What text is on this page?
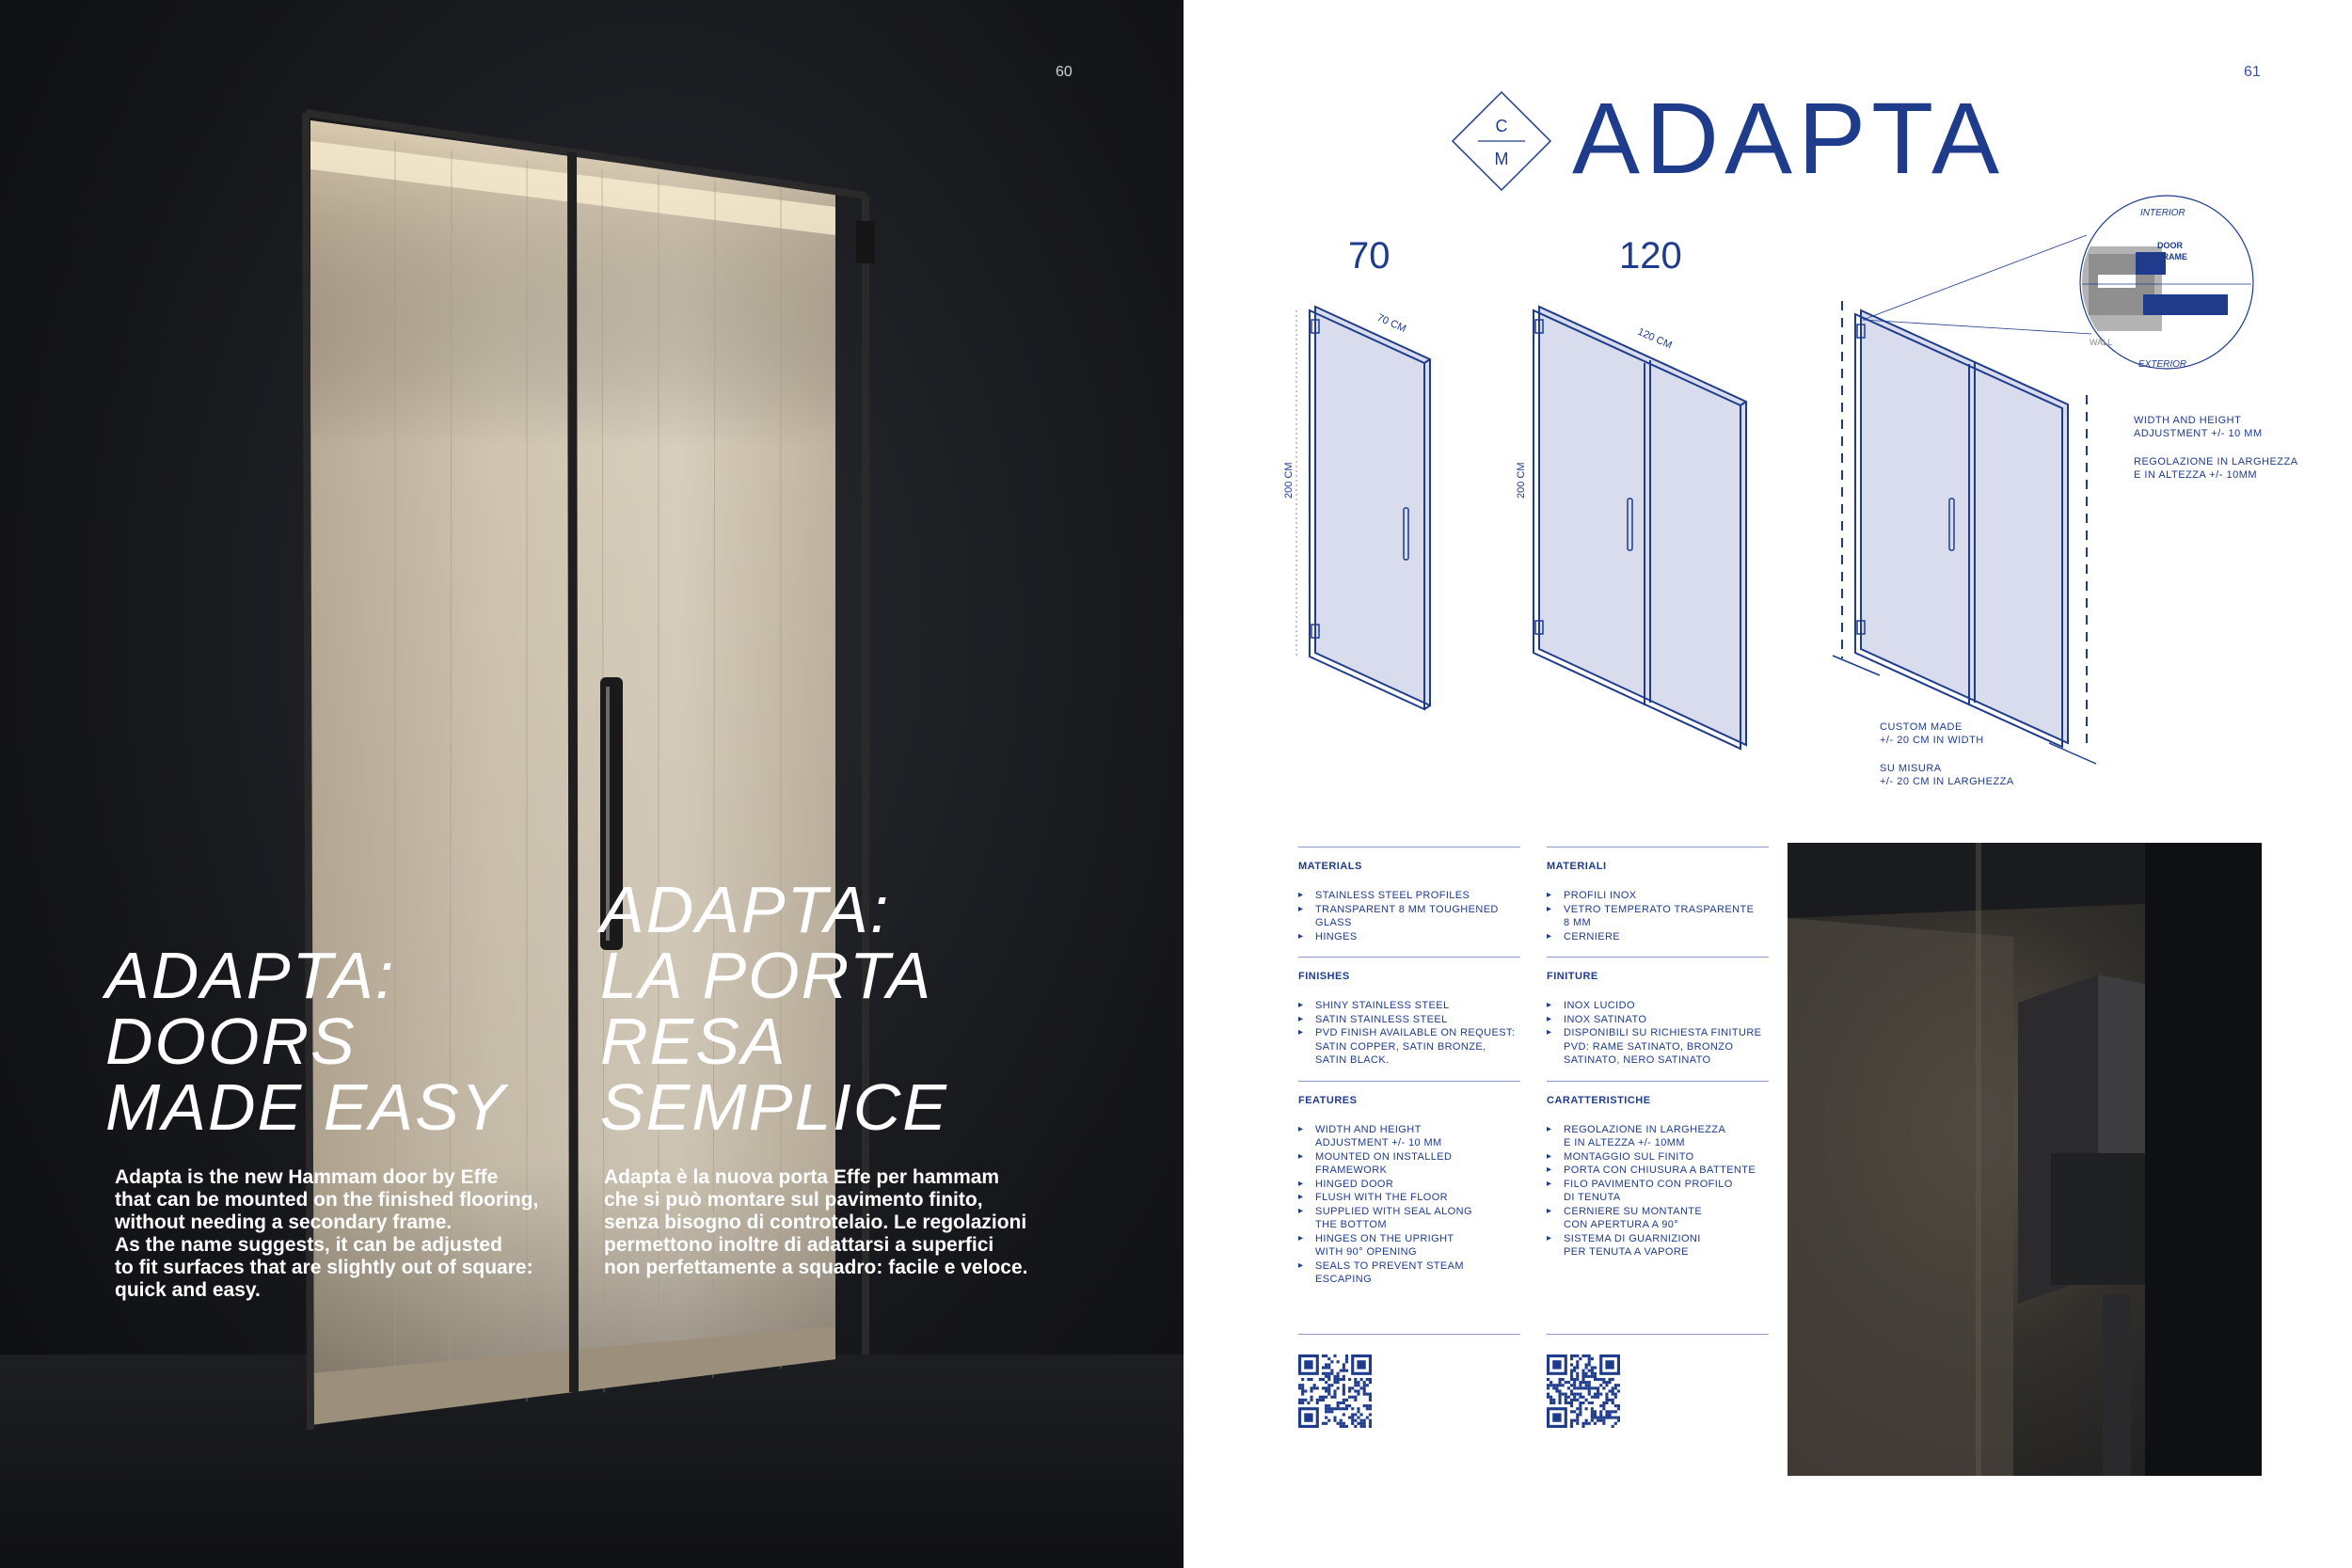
60
ADAPTA:
DOORS
MADE EASY
ADAPTA:
LA PORTA
RESA
SEMPLICE
Adapta is the new Hammam door by Effe
that can be mounted on the finished flooring,
without needing a secondary frame.
As the name suggests, it can be adjusted
to fit surfaces that are slightly out of square:
quick and easy.
Adapta è la nuova porta Effe per hammam
che si può montare sul pavimento finito,
senza bisogno di controtelaio. Le regolazioni
permettono inoltre di adattarsi a superfici
non perfettamente a squadro: facile e veloce.
61
C
M ADAPTA
70	120
70 CM
200 CM
120 CM
200 CM
INTERIOR
DOOR
FRAME
WALL
EXTERIOR
WIDTH AND HEIGHT
ADJUSTMENT +/- 10 MM
REGOLAZIONE IN LARGHEZZA
E IN ALTEZZA +/- 10MM
CUSTOM MADE
+/- 20 CM IN WIDTH
SU MISURA
+/- 20 CM IN LARGHEZZA
MATERIALS
▸ STAINLESS STEEL PROFILES
▸ TRANSPARENT 8 MM TOUGHENED
GLASS
▸ HINGES
FINISHES
▸ SHINY STAINLESS STEEL
▸ SATIN STAINLESS STEEL
▸ PVD FINISH AVAILABLE ON REQUEST:
SATIN COPPER, SATIN BRONZE,
SATIN BLACK.
FEATURES
▸ WIDTH AND HEIGHT
ADJUSTMENT +/- 10 MM
▸ MOUNTED ON INSTALLED
FRAMEWORK
▸ HINGED DOOR
▸ FLUSH WITH THE FLOOR
▸ SUPPLIED WITH SEAL ALONG
THE BOTTOM
▸ HINGES ON THE UPRIGHT
WITH 90° OPENING
▸ SEALS TO PREVENT STEAM
ESCAPING
MATERIALI
▸ PROFILI INOX
▸ VETRO TEMPERATO TRASPARENTE
8 MM
▸ CERNIERE
FINITURE
▸ INOX LUCIDO
▸ INOX SATINATO
▸ DISPONIBILI SU RICHIESTA FINITURE
PVD: RAME SATINATO, BRONZO
SATINATO, NERO SATINATO
CARATTERISTICHE
▸ REGOLAZIONE IN LARGHEZZA
E IN ALTEZZA +/- 10MM
▸ MONTAGGIO SUL FINITO
▸ PORTA CON CHIUSURA A BATTENTE
▸ FILO PAVIMENTO CON PROFILO
DI TENUTA
▸ CERNIERE SU MONTANTE
CON APERTURA A 90°
▸ SISTEMA DI GUARNIZIONI
PER TENUTA A VAPORE
